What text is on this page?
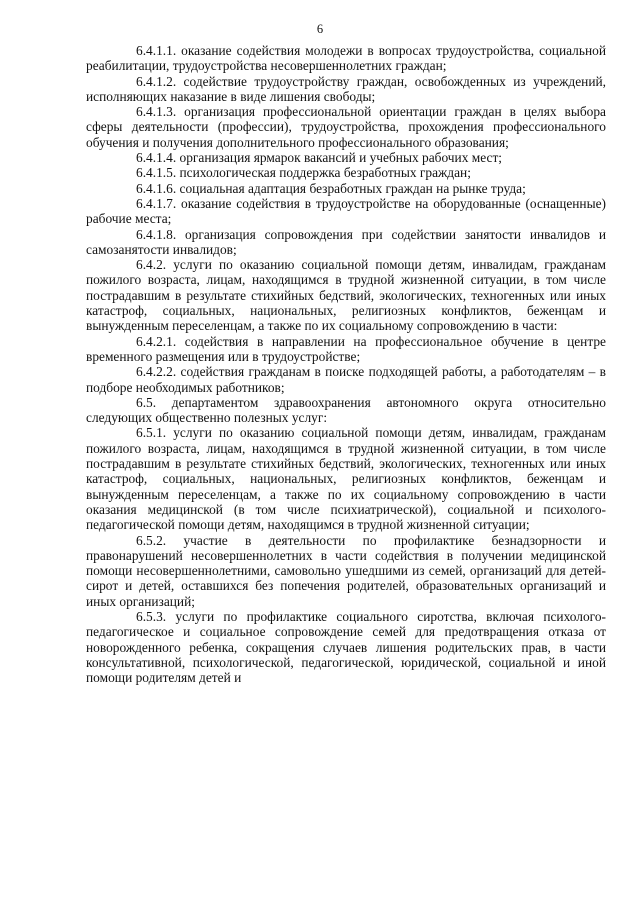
6

6.4.1.1. оказание содействия молодежи в вопросах трудоустройства, социальной реабилитации, трудоустройства несовершеннолетних граждан;

6.4.1.2. содействие трудоустройству граждан, освобожденных из учреждений, исполняющих наказание в виде лишения свободы;

6.4.1.3. организация профессиональной ориентации граждан в целях выбора сферы деятельности (профессии), трудоустройства, прохождения профессионального обучения и получения дополнительного профессионального образования;

6.4.1.4. организация ярмарок вакансий и учебных рабочих мест;

6.4.1.5. психологическая поддержка безработных граждан;

6.4.1.6. социальная адаптация безработных граждан на рынке труда;

6.4.1.7. оказание содействия в трудоустройстве на оборудованные (оснащенные) рабочие места;

6.4.1.8. организация сопровождения при содействии занятости инвалидов и самозанятости инвалидов;

6.4.2. услуги по оказанию социальной помощи детям, инвалидам, гражданам пожилого возраста, лицам, находящимся в трудной жизненной ситуации, в том числе пострадавшим в результате стихийных бедствий, экологических, техногенных или иных катастроф, социальных, национальных, религиозных конфликтов, беженцам и вынужденным переселенцам, а также по их социальному сопровождению в части:

6.4.2.1. содействия в направлении на профессиональное обучение в центре временного размещения или в трудоустройстве;

6.4.2.2. содействия гражданам в поиске подходящей работы, а работодателям – в подборе необходимых работников;

6.5. департаментом здравоохранения автономного округа относительно следующих общественно полезных услуг:

6.5.1. услуги по оказанию социальной помощи детям, инвалидам, гражданам пожилого возраста, лицам, находящимся в трудной жизненной ситуации, в том числе пострадавшим в результате стихийных бедствий, экологических, техногенных или иных катастроф, социальных, национальных, религиозных конфликтов, беженцам и вынужденным переселенцам, а также по их социальному сопровождению в части оказания медицинской (в том числе психиатрической), социальной и психолого-педагогической помощи детям, находящимся в трудной жизненной ситуации;

6.5.2. участие в деятельности по профилактике безнадзорности и правонарушений несовершеннолетних в части содействия в получении медицинской помощи несовершеннолетними, самовольно ушедшими из семей, организаций для детей-сирот и детей, оставшихся без попечения родителей, образовательных организаций и иных организаций;

6.5.3. услуги по профилактике социального сиротства, включая психолого-педагогическое и социальное сопровождение семей для предотвращения отказа от новорожденного ребенка, сокращения случаев лишения родительских прав, в части консультативной, психологической, педагогической, юридической, социальной и иной помощи родителям детей и
